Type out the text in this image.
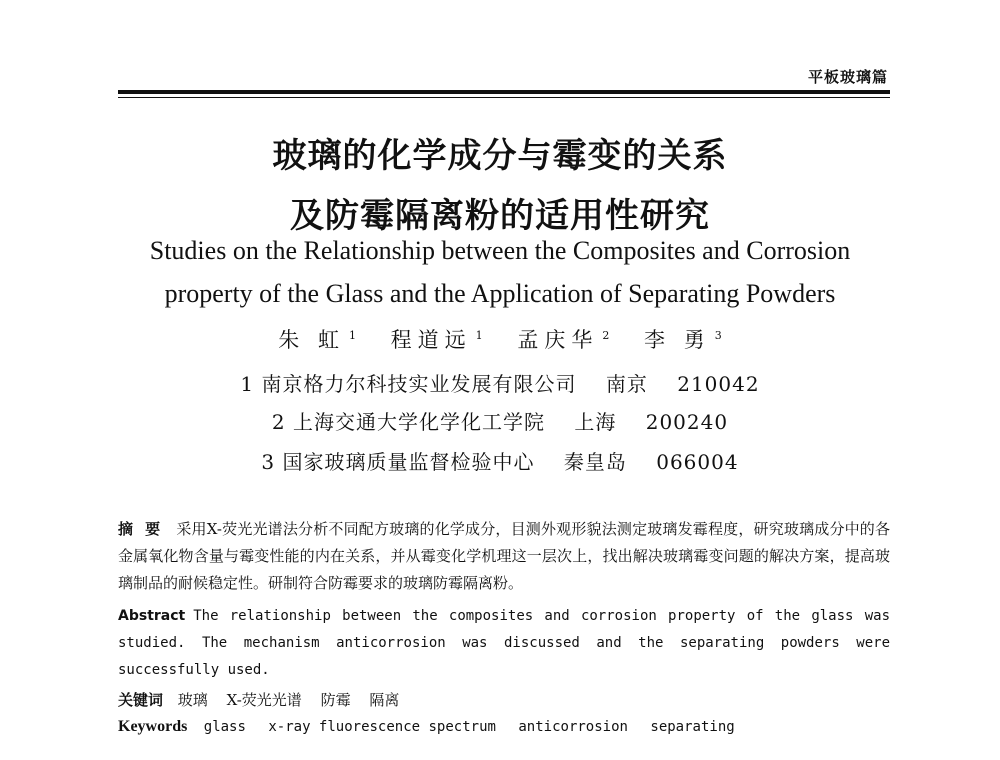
平板玻璃篇
玻璃的化学成分与霉变的关系
及防霉隔离粉的适用性研究
Studies on the Relationship between the Composites and Corrosion
property of the Glass and the Application of Separating Powders
朱 虹 $^1$ 程道远 $^1$ 孟庆华 $^2$ 李 勇 $^3$
1 南京格力尔科技实业发展有限公司 南京 210042
2 上海交通大学化学化工学院 上海 200240
3 国家玻璃质量监督检验中心 秦皇岛 066004
摘要 采用X-荧光光谱法分析不同配方玻璃的化学成分，目测外观形貌法测定玻璃发霉程度，研究玻璃成分中的各金属氧化物含量与霉变性能的内在关系，并从霉变化学机理这一层次上，找出解决玻璃霉变问题的解决方案，提高玻璃制品的耐候稳定性。研制符合防霉要求的玻璃防霉隔离粉。
Abstract The relationship between the composites and corrosion property of the glass was studied. The mechanism anticorrosion was discussed and the separating powders were successfully used.
关键词 玻璃 X-荧光光谱 防霉 隔离
Keywords glass x-ray fluorescence spectrum anticorrosion separating
